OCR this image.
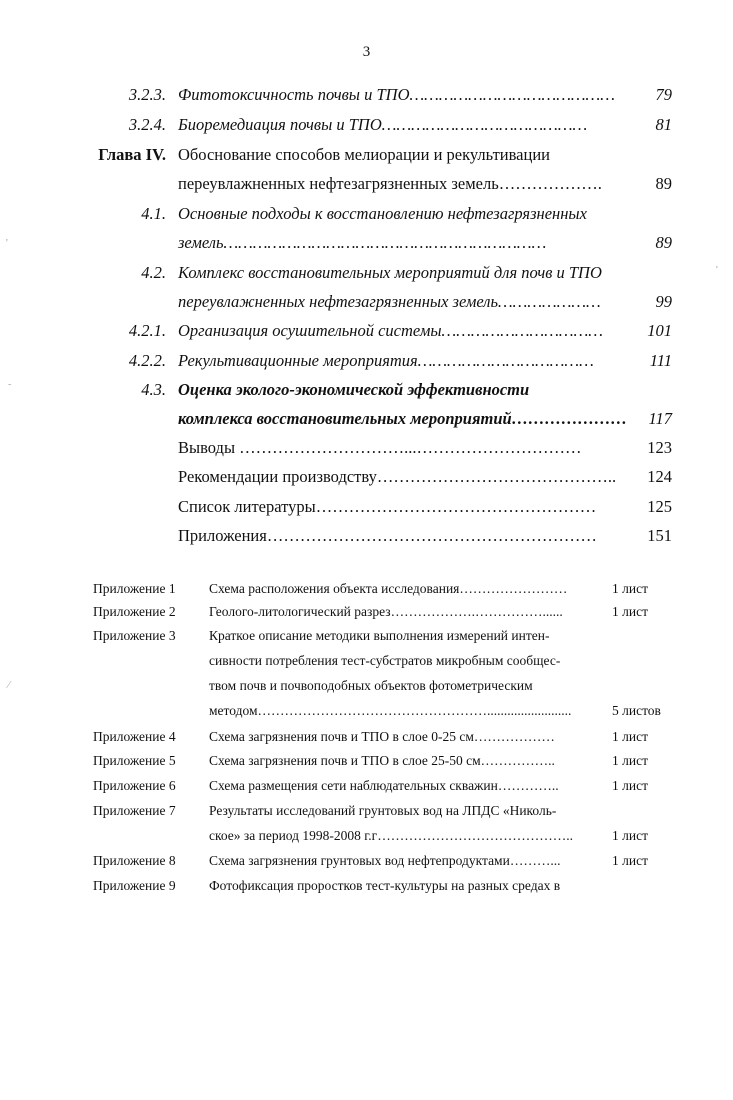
3
3.2.3. Фитотоксичность почвы и ТПО……………………………………	79
3.2.4. Биоремедиация почвы и ТПО……………………………………	81
Глава IV. Обоснование способов мелиорации и рекультивации
переувлажненных нефтезагрязненных земель……………….	89
4.1. Основные подходы к восстановлению нефтезагрязненных
земель…………………………………………………………	89
4.2. Комплекс восстановительных мероприятий для почв и ТПО
переувлажненных нефтезагрязненных земель…………………	99
4.2.1. Организация осушительной системы……………………………	101
4.2.2. Рекультивационные мероприятия………………………………	111
4.3. Оценка эколого-экономической эффективности
комплекса восстановительных мероприятий…………………	117
Выводы …………………………...…………………………	123
Рекомендации производству……………………………………..	124
Список литературы……………………………………………	125
Приложения……………………………………………………	151
Приложение 1 Схема расположения объекта исследования……………………	1 лист
Приложение 2 Геолого-литологический разрез……………….……………......	1 лист
Приложение 3 Краткое описание методики выполнения измерений интен-
сивности потребления тест-субстратов микробным сообщес-
твом почв и почвоподобных объектов фотометрическим
методом…………………………………………….........................	5 листов
Приложение 4 Схема загрязнения почв и ТПО в слое 0-25 см………………	1 лист
Приложение 5 Схема загрязнения почв и ТПО в слое 25-50 см……………..	1 лист
Приложение 6 Схема размещения сети наблюдательных скважин…………..	1 лист
Приложение 7 Результаты исследований грунтовых вод на ЛПДС «Николь-
ское» за период 1998-2008 г.г……………………………………..	1 лист
Приложение 8 Схема загрязнения грунтовых вод нефтепродуктами………...	1 лист
Приложение 9 Фотофиксация проростков тест-культуры на разных средах в
'
˜
⁄
'
